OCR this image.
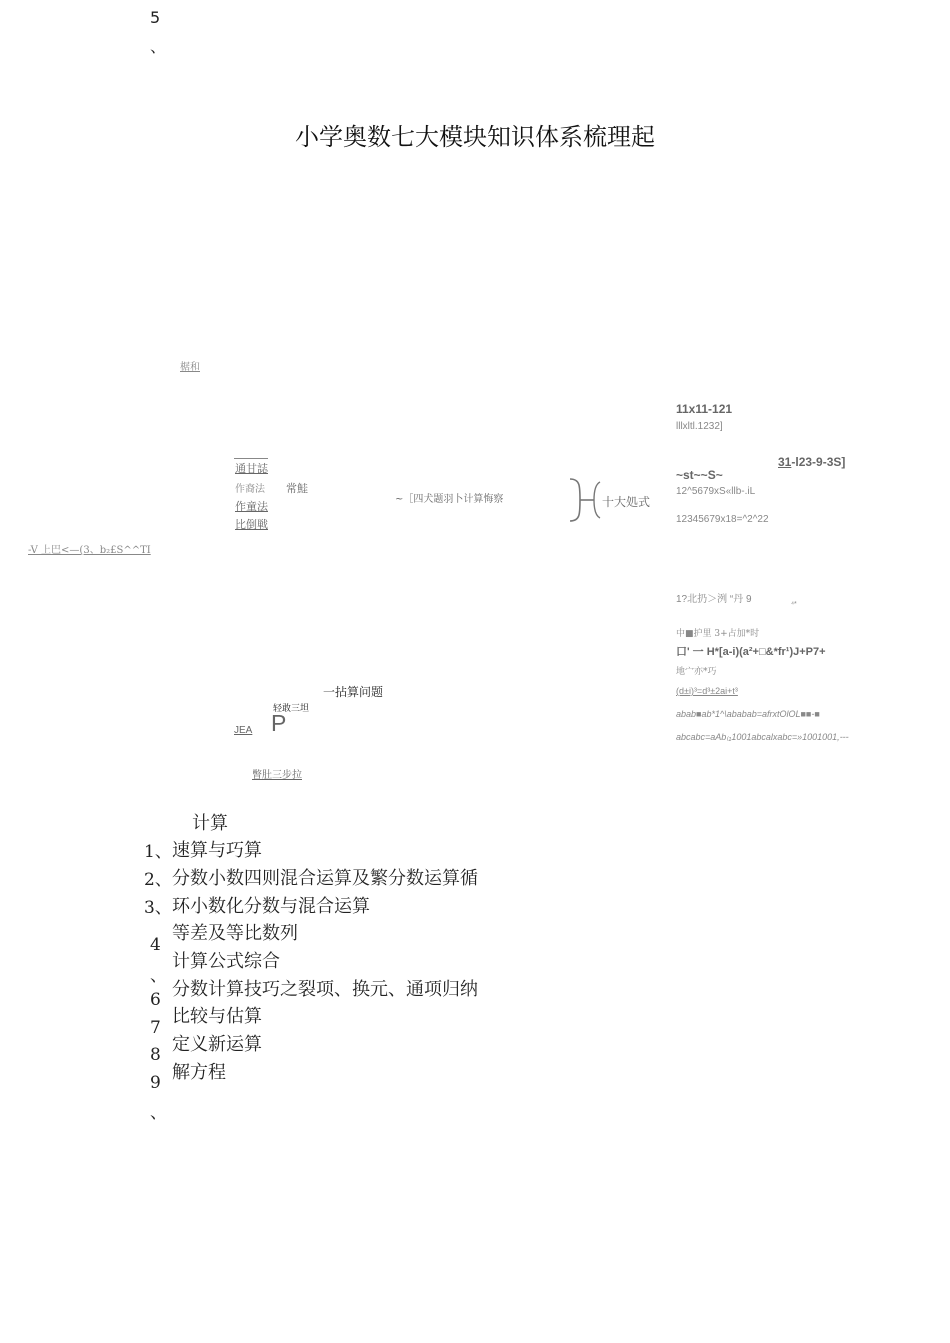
5
、
小学奥数七大模块知识体系梳理起
椐和
通甘誌
作裔法
作童法
比倒戦
常鮭
-V 上巴<—(3、b₂£S^^TI
~［四犬题羽卜计算悔察	十大処式
一拈算问题
轻敢三坦
P
JEA
瞥肚三步拉
11x11-121
lllxltl.1232]
31-l23-9-3S]
~st~~S~
12^5679xS«llb-.iL
12345679x18=^2^22
1?北扔＞洌 “丹 9	⁴*
中■护里 3+占加*时
口' 一 H*[a-i)(a²+□&*fr¹)J+P7+
地宀亦*巧
(d±i)³=d³±2ai+t³
abab■ab*1^\ababab=afrxtOlOL■■-■
abcabc=aAb₍₁1001abcalxabc=»1001001,---
计算
1、 速算与巧算
2、 分数小数四则混合运算及繁分数运算循
3、 环小数化分数与混合运算
等差及等比数列
计算公式综合
分数计算技巧之裂项、换元、通项归纳
比较与估算
定义新运算
解方程
4
、
6
7
8
9
、
